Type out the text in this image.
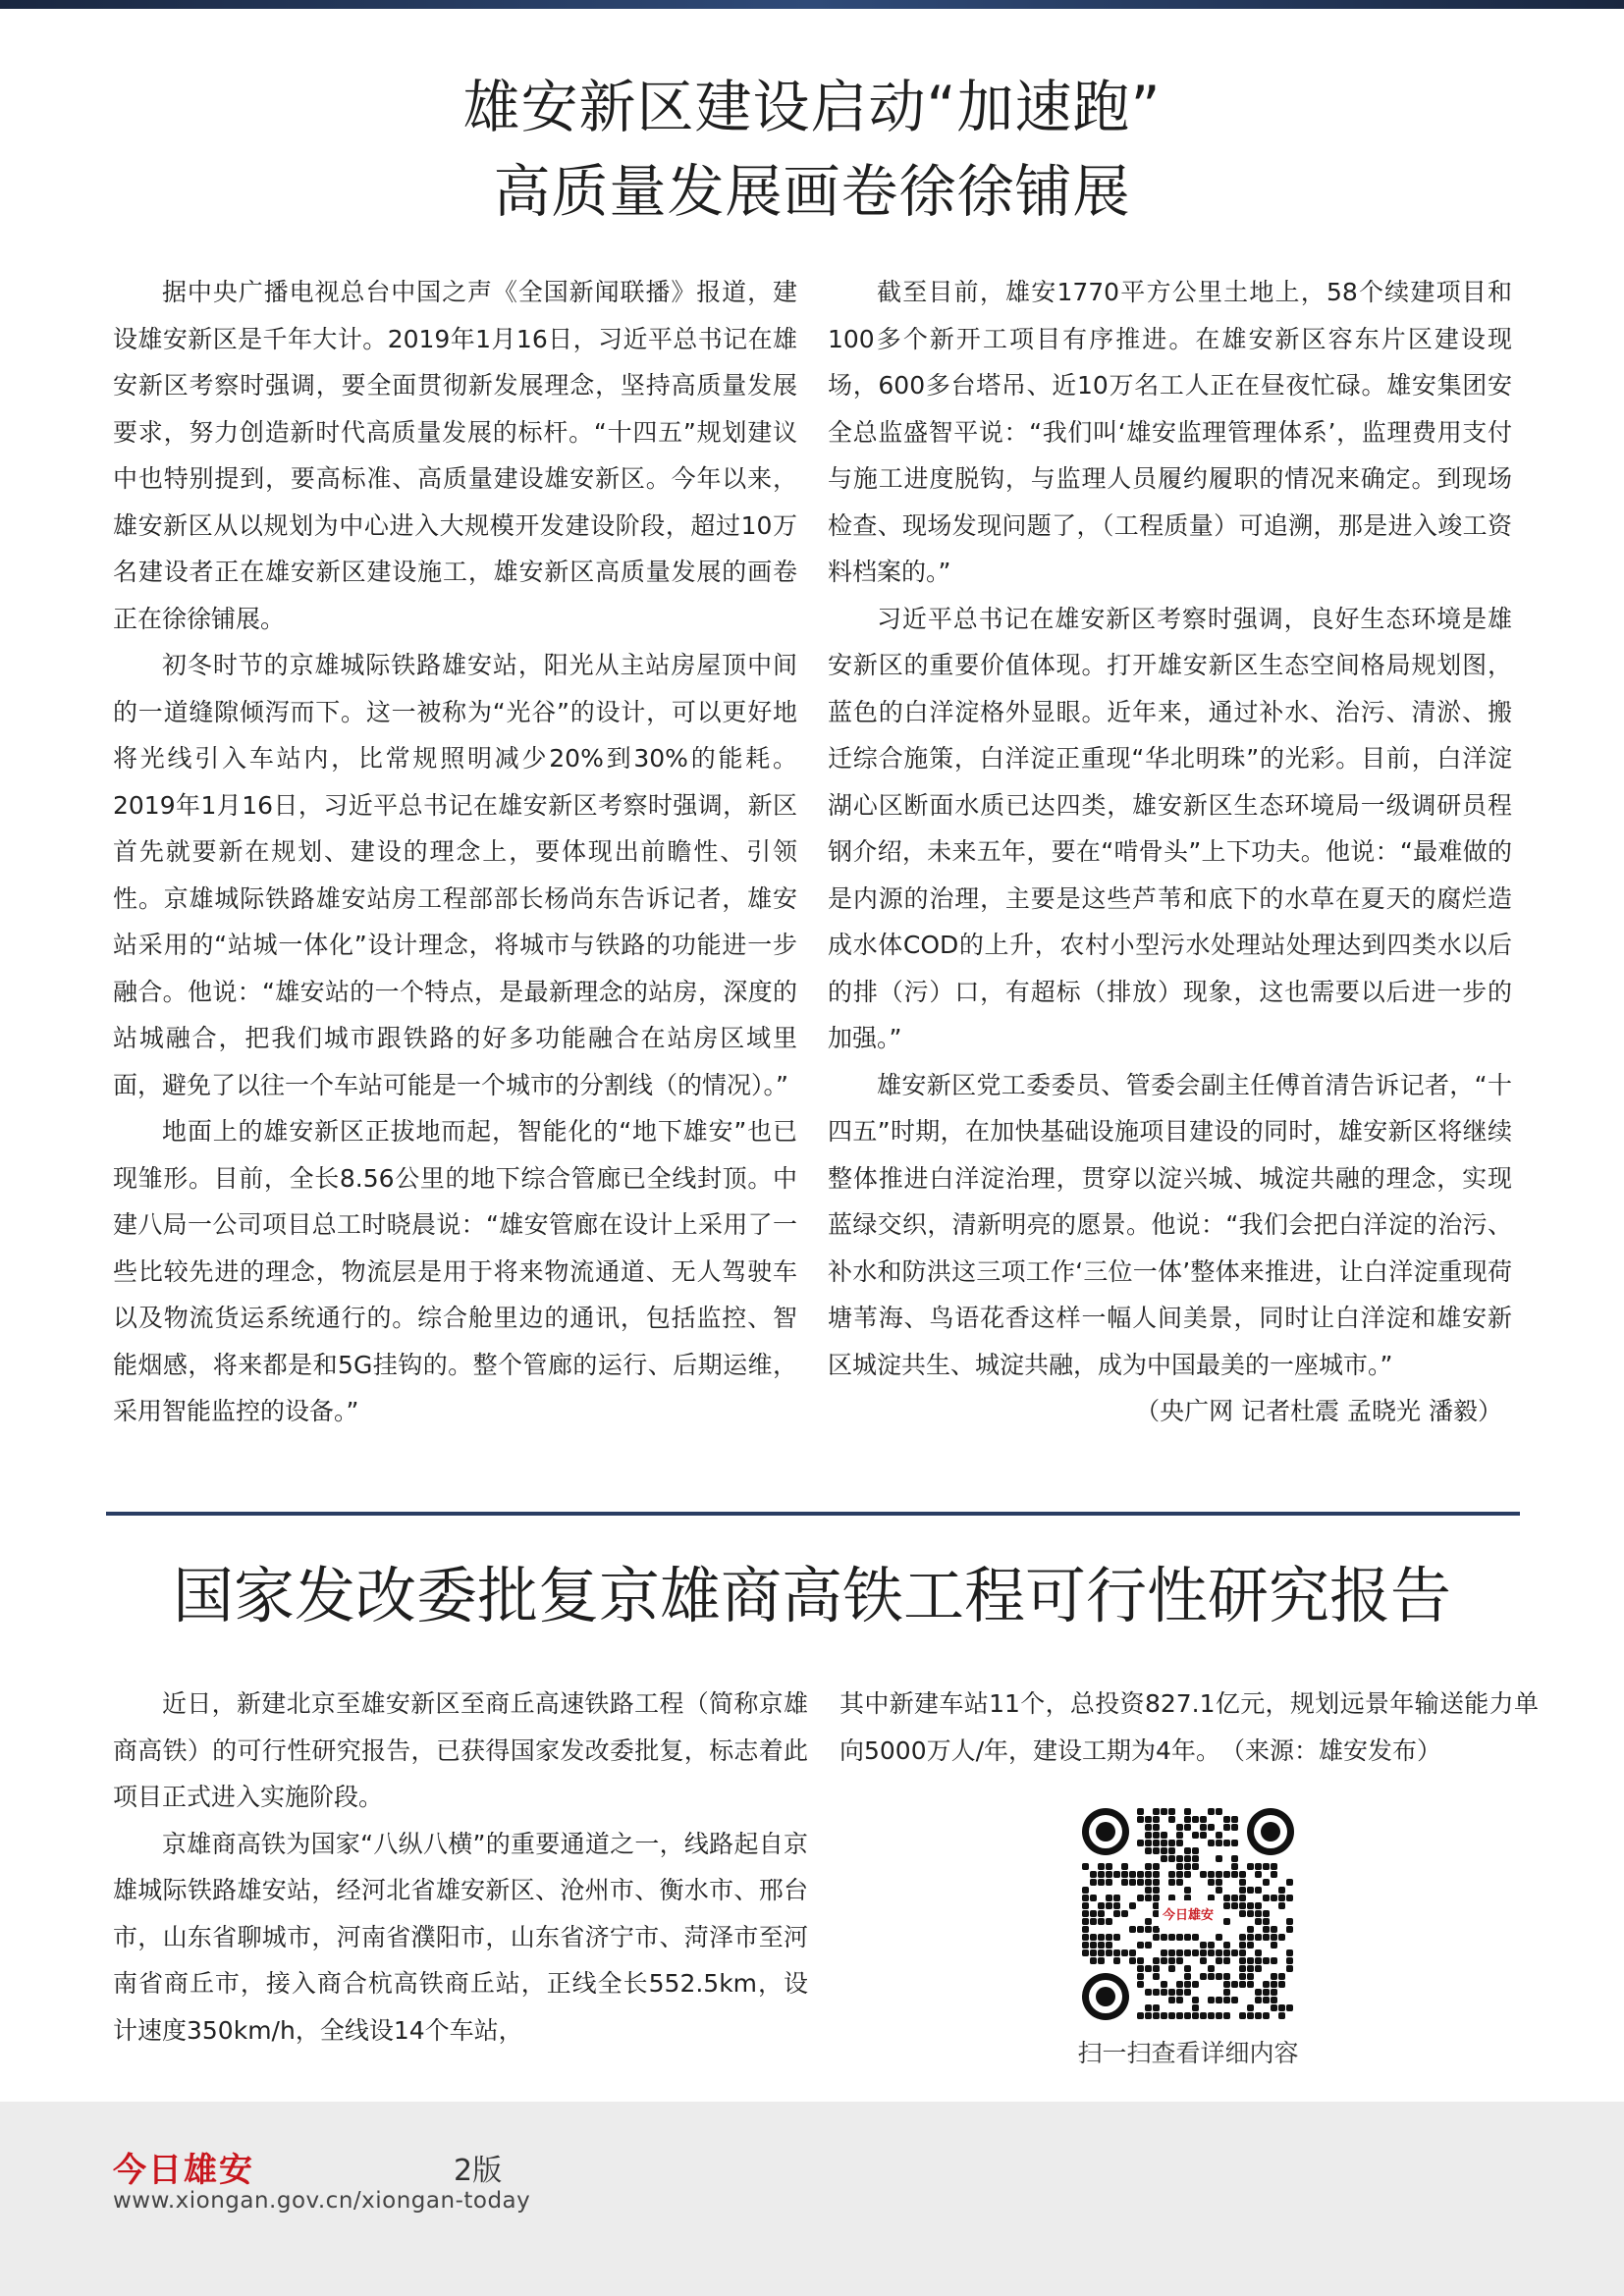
雄安新区建设启动“加速跑”
高质量发展画卷徐徐铺展

据中央广播电视总台中国之声《全国新闻联播》报道，建设雄安新区是千年大计。2019年1月16日，习近平总书记在雄安新区考察时强调，要全面贯彻新发展理念，坚持高质量发展要求，努力创造新时代高质量发展的标杆。“十四五”规划建议中也特别提到，要高标准、高质量建设雄安新区。今年以来，雄安新区从以规划为中心进入大规模开发建设阶段，超过10万名建设者正在雄安新区建设施工，雄安新区高质量发展的画卷正在徐徐铺展。

初冬时节的京雄城际铁路雄安站，阳光从主站房屋顶中间的一道缝隙倾泻而下。这一被称为“光谷”的设计，可以更好地将光线引入车站内，比常规照明减少20%到30%的能耗。2019年1月16日，习近平总书记在雄安新区考察时强调，新区首先就要新在规划、建设的理念上，要体现出前瞻性、引领性。京雄城际铁路雄安站房工程部部长杨尚东告诉记者，雄安站采用的“站城一体化”设计理念，将城市与铁路的功能进一步融合。他说：“雄安站的一个特点，是最新理念的站房，深度的站城融合，把我们城市跟铁路的好多功能融合在站房区域里面，避免了以往一个车站可能是一个城市的分割线（的情况）。”

地面上的雄安新区正拔地而起，智能化的“地下雄安”也已现雏形。目前，全长8.56公里的地下综合管廊已全线封顶。中建八局一公司项目总工时晓晨说：“雄安管廊在设计上采用了一些比较先进的理念，物流层是用于将来物流通道、无人驾驶车以及物流货运系统通行的。综合舱里边的通讯，包括监控、智能烟感，将来都是和5G挂钩的。整个管廊的运行、后期运维，采用智能监控的设备。”

截至目前，雄安1770平方公里土地上，58个续建项目和100多个新开工项目有序推进。在雄安新区容东片区建设现场，600多台塔吊、近10万名工人正在昼夜忙碌。雄安集团安全总监盛智平说：“我们叫‘雄安监理管理体系’，监理费用支付与施工进度脱钩，与监理人员履约履职的情况来确定。到现场检查、现场发现问题了，（工程质量）可追溯，那是进入竣工资料档案的。”

习近平总书记在雄安新区考察时强调，良好生态环境是雄安新区的重要价值体现。打开雄安新区生态空间格局规划图，蓝色的白洋淀格外显眼。近年来，通过补水、治污、清淤、搬迁综合施策，白洋淀正重现“华北明珠”的光彩。目前，白洋淀湖心区断面水质已达四类，雄安新区生态环境局一级调研员程钢介绍，未来五年，要在“啃骨头”上下功夫。他说：“最难做的是内源的治理，主要是这些芦苇和底下的水草在夏天的腐烂造成水体COD的上升，农村小型污水处理站处理达到四类水以后的排（污）口，有超标（排放）现象，这也需要以后进一步的加强。”

雄安新区党工委委员、管委会副主任傅首清告诉记者，“十四五”时期，在加快基础设施项目建设的同时，雄安新区将继续整体推进白洋淀治理，贯穿以淀兴城、城淀共融的理念，实现蓝绿交织，清新明亮的愿景。他说：“我们会把白洋淀的治污、补水和防洪这三项工作‘三位一体’整体来推进，让白洋淀重现荷塘苇海、鸟语花香这样一幅人间美景，同时让白洋淀和雄安新区城淀共生、城淀共融，成为中国最美的一座城市。”

（央广网 记者杜震 孟晓光 潘毅）

国家发改委批复京雄商高铁工程可行性研究报告

近日，新建北京至雄安新区至商丘高速铁路工程（简称京雄商高铁）的可行性研究报告，已获得国家发改委批复，标志着此项目正式进入实施阶段。

京雄商高铁为国家“八纵八横”的重要通道之一，线路起自京雄城际铁路雄安站，经河北省雄安新区、沧州市、衡水市、邢台市，山东省聊城市，河南省濮阳市，山东省济宁市、菏泽市至河南省商丘市，接入商合杭高铁商丘站，正线全长552.5km，设计速度350km/h，全线设14个车站，

其中新建车站11个，总投资827.1亿元，规划远景年输送能力单向5000万人/年，建设工期为4年。　（来源：雄安发布）

今日雄安
扫一扫查看详细内容
今日雄安	2版
www.xiongan.gov.cn/xiongan-today
